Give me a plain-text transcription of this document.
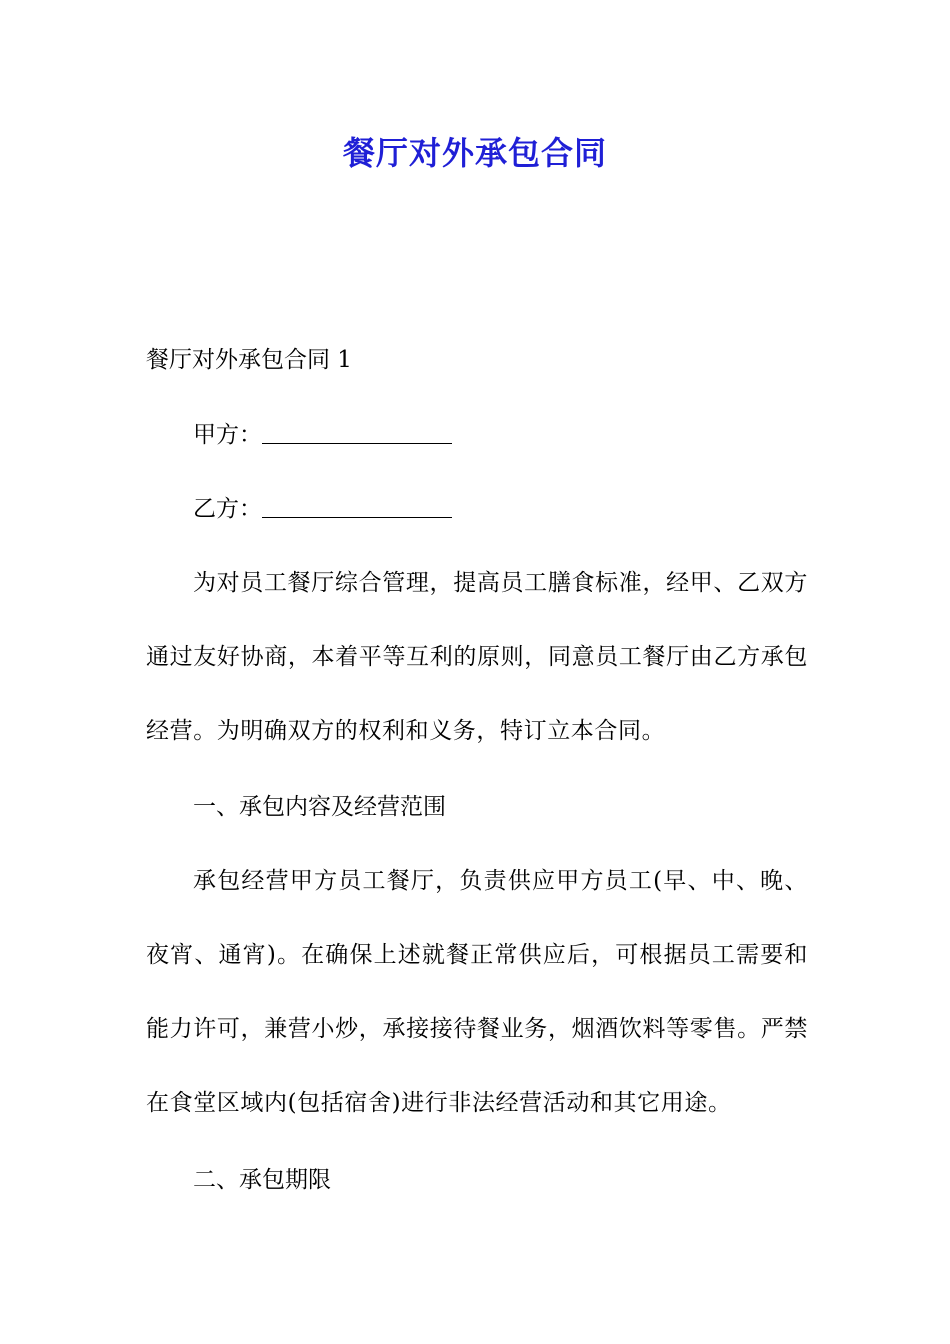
餐厅对外承包合同

餐厅对外承包合同 1

甲方：

乙方：

为对员工餐厅综合管理，提高员工膳食标准，经甲、乙双方通过友好协商，本着平等互利的原则，同意员工餐厅由乙方承包经营。为明确双方的权利和义务，特订立本合同。

一、承包内容及经营范围

承包经营甲方员工餐厅，负责供应甲方员工(早、中、晚、夜宵、通宵)。在确保上述就餐正常供应后，可根据员工需要和能力许可，兼营小炒，承接接待餐业务，烟酒饮料等零售。严禁在食堂区域内(包括宿舍)进行非法经营活动和其它用途。

二、承包期限
